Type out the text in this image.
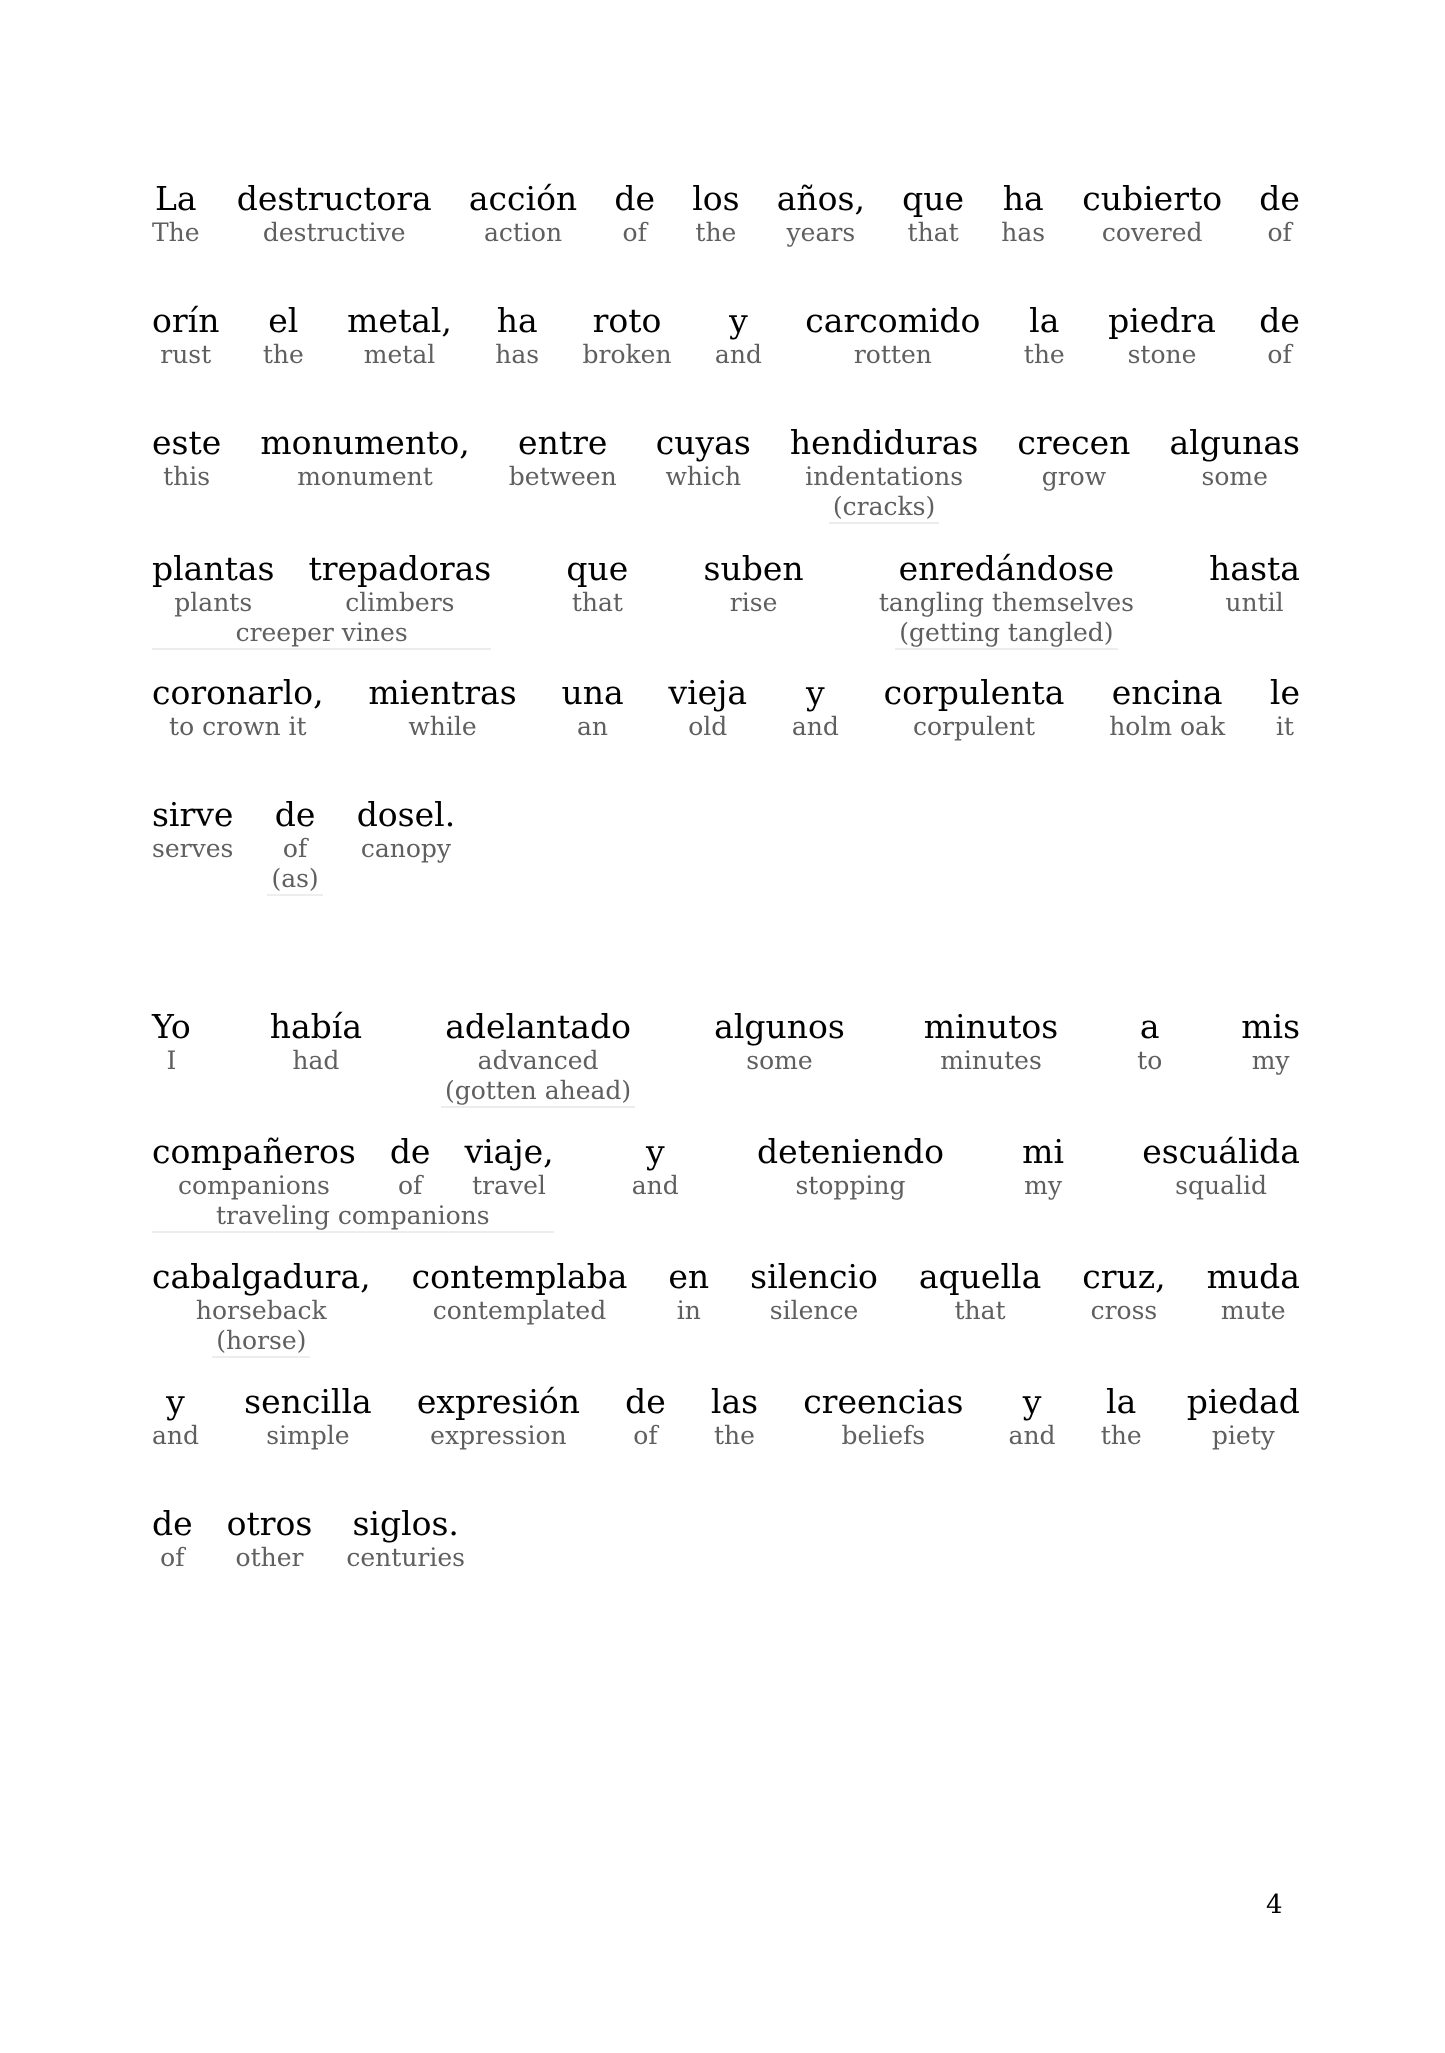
La
The
destructora
destructive
acción
action
de
of
los
the
años,
years
que
that
ha
has
cubierto
covered
de
of
orín
rust
el
the
metal,
metal
ha
has
roto
broken
y
and
carcomido
rotten
la
the
piedra
stone
de
of
este
this
monumento,
monument
entre
between
cuyas
which
hendiduras
indentations
(cracks)
crecen
grow
algunas
some
plantas
plants
trepadoras
climbers
creeper vines
que
that
suben
rise
enredándose
tangling themselves
(getting tangled)
hasta
until
coronarlo,
to crown it
mientras
while
una
an
vieja
old
y
and
corpulenta
corpulent
encina
holm oak
le
it
sirve
serves
de
of
(as)
dosel.
canopy
Yo
I
había
had
adelantado
advanced
(gotten ahead)
algunos
some
minutos
minutes
a
to
mis
my
compañeros
companions
de
of
viaje,
travel
traveling companions
y
and
deteniendo
stopping
mi
my
escuálida
squalid
cabalgadura,
horseback
(horse)
contemplaba
contemplated
en
in
silencio
silence
aquella
that
cruz,
cross
muda
mute
y
and
sencilla
simple
expresión
expression
de
of
las
the
creencias
beliefs
y
and
la
the
piedad
piety
de
of
otros
other
siglos.
centuries
4
